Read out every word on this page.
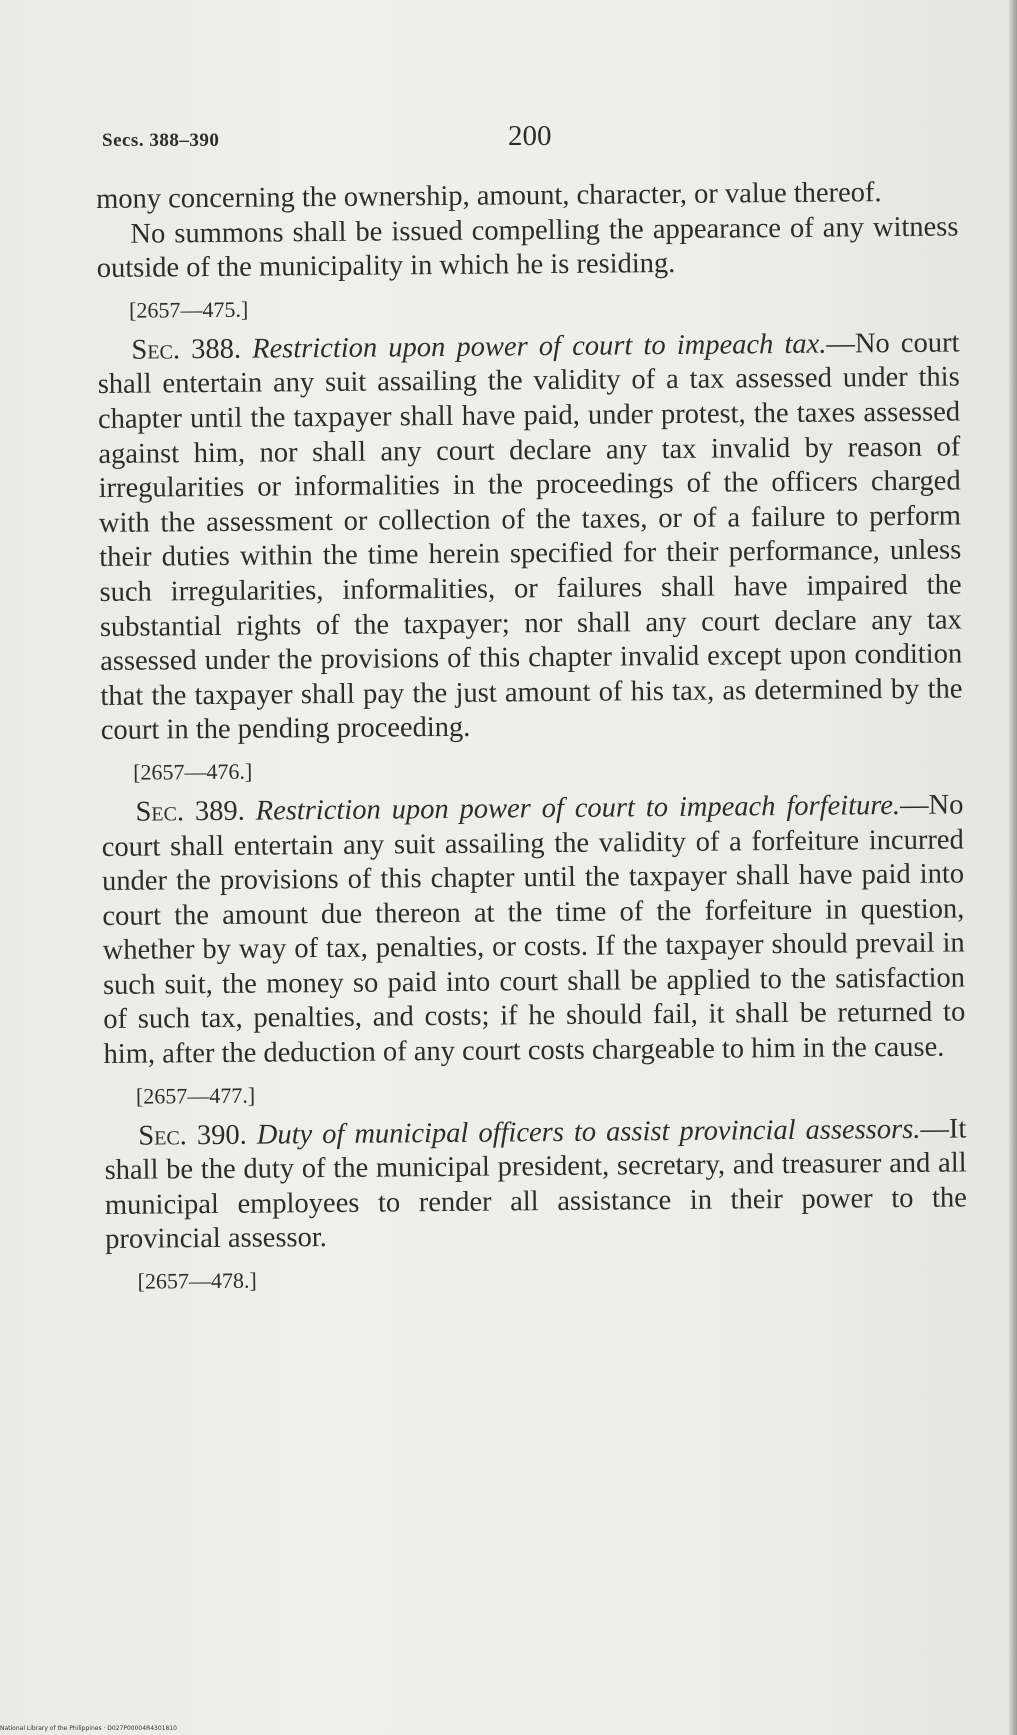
Secs. 388–390	200

mony concerning the ownership, amount, character, or value thereof.

No summons shall be issued compelling the appearance of any witness outside of the municipality in which he is residing.

[2657—475.]

Sec. 388. Restriction upon power of court to impeach tax.—No court shall entertain any suit assailing the validity of a tax assessed under this chapter until the taxpayer shall have paid, under protest, the taxes assessed against him, nor shall any court declare any tax invalid by reason of irregularities or informalities in the proceedings of the officers charged with the assessment or collection of the taxes, or of a failure to perform their duties within the time herein specified for their performance, unless such irregularities, informalities, or failures shall have impaired the substantial rights of the taxpayer; nor shall any court declare any tax assessed under the provisions of this chapter invalid except upon condition that the taxpayer shall pay the just amount of his tax, as determined by the court in the pending proceeding.

[2657—476.]

Sec. 389. Restriction upon power of court to impeach forfeiture.—No court shall entertain any suit assailing the validity of a forfeiture incurred under the provisions of this chapter until the taxpayer shall have paid into court the amount due thereon at the time of the forfeiture in question, whether by way of tax, penalties, or costs. If the taxpayer should prevail in such suit, the money so paid into court shall be applied to the satisfaction of such tax, penalties, and costs; if he should fail, it shall be returned to him, after the deduction of any court costs chargeable to him in the cause.

[2657—477.]

Sec. 390. Duty of municipal officers to assist provincial assessors.—It shall be the duty of the municipal president, secretary, and treasurer and all municipal employees to render all assistance in their power to the provincial assessor.

[2657—478.]

National Library of the Philippines · D027P00004R4301810
